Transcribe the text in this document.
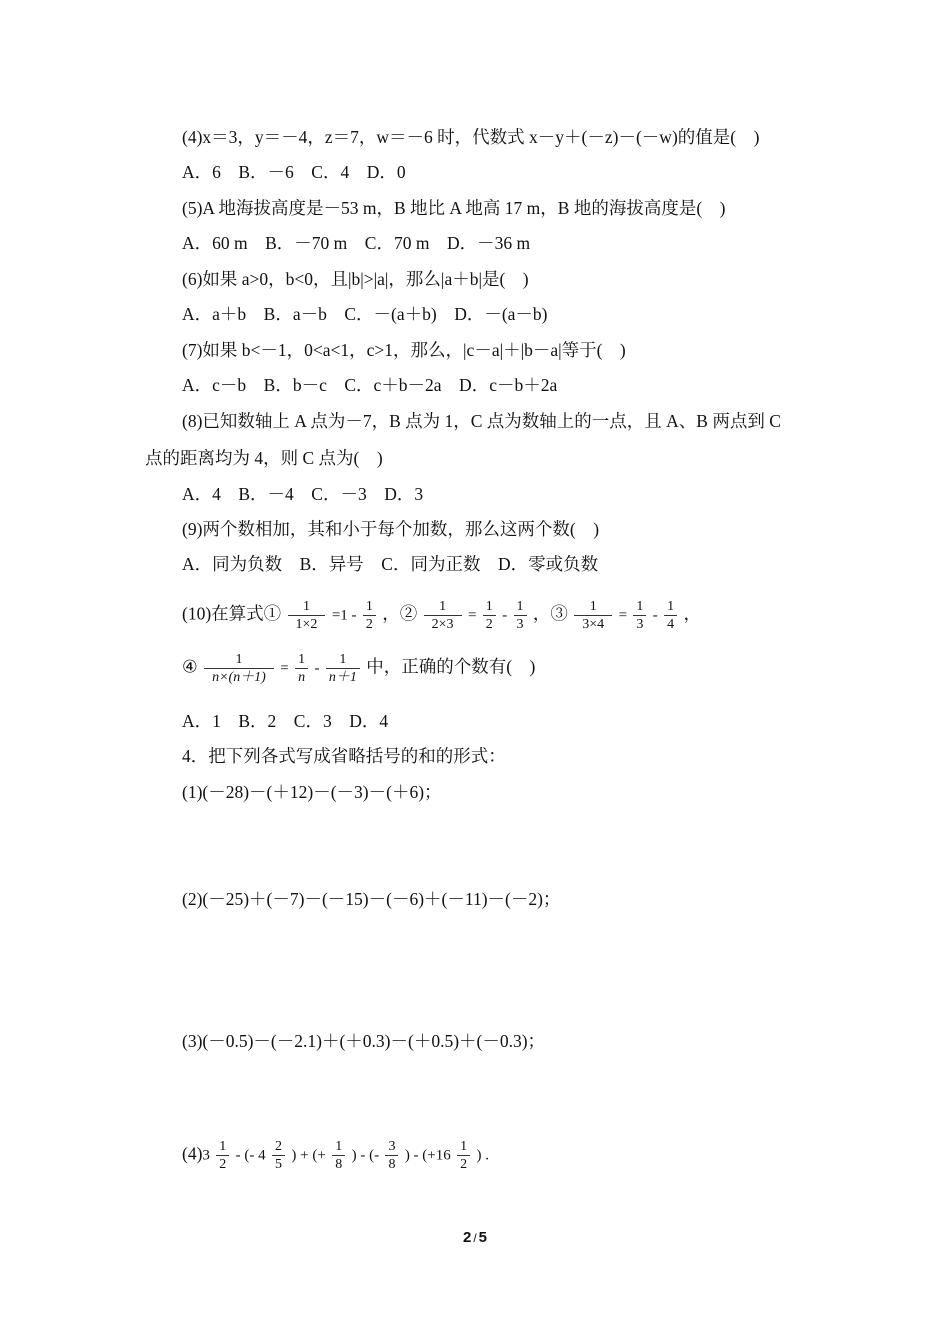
(4)x＝3，y＝－4，z＝7，w＝－6 时，代数式 x－y＋(－z)－(－w)的值是(　)
A．6　B．－6　C．4　D．0
(5)A 地海拔高度是－53 m，B 地比 A 地高 17 m，B 地的海拔高度是(　)
A．60 m　B．－70 m　C．70 m　D．－36 m
(6)如果 a>0，b<0，且|b|>|a|，那么|a＋b|是(　)
A．a＋b　B．a－b　C．－(a＋b)　D．－(a－b)
(7)如果 b<－1，0<a<1，c>1，那么，|c－a|＋|b－a|等于(　)
A．c－b　B．b－c　C．c＋b－2a　D．c－b＋2a
(8)已知数轴上 A 点为－7，B 点为 1，C 点为数轴上的一点，且 A、B 两点到 C
点的距离均为 4，则 C 点为(　)
A．4　B．－4　C．－3　D．3
(9)两个数相加，其和小于每个加数，那么这两个数(　)
A．同为负数　B．异号　C．同为正数　D．零或负数
(10)在算式① $\frac{1}{1\times 2} =1 - \frac{1}{2}$ ，② $\frac{1}{2\times 3} = \frac{1}{2} - \frac{1}{3}$ ，③ $\frac{1}{3\times 4} = \frac{1}{3} - \frac{1}{4}$ ，
④ $\frac{1}{n\times(n+1)} = \frac{1}{n} - \frac{1}{n+1}$ 中，正确的个数有(　)
A．1　B．2　C．3　D．4
4．把下列各式写成省略括号的和的形式：
(1)(－28)－(＋12)－(－3)－(＋6)；
(2)(－25)＋(－7)－(－15)－(－6)＋(－11)－(－2)；
(3)(－0.5)－(－2.1)＋(＋0.3)－(＋0.5)＋(－0.3)；
$(4)3 \frac{1}{2}$ - (- $4 \frac{2}{5}$ ) + (+ $\frac{1}{8}$ ) - (- $\frac{3}{8}$ ) - ($+16 \frac{1}{2}$ ) .
2 / 5
